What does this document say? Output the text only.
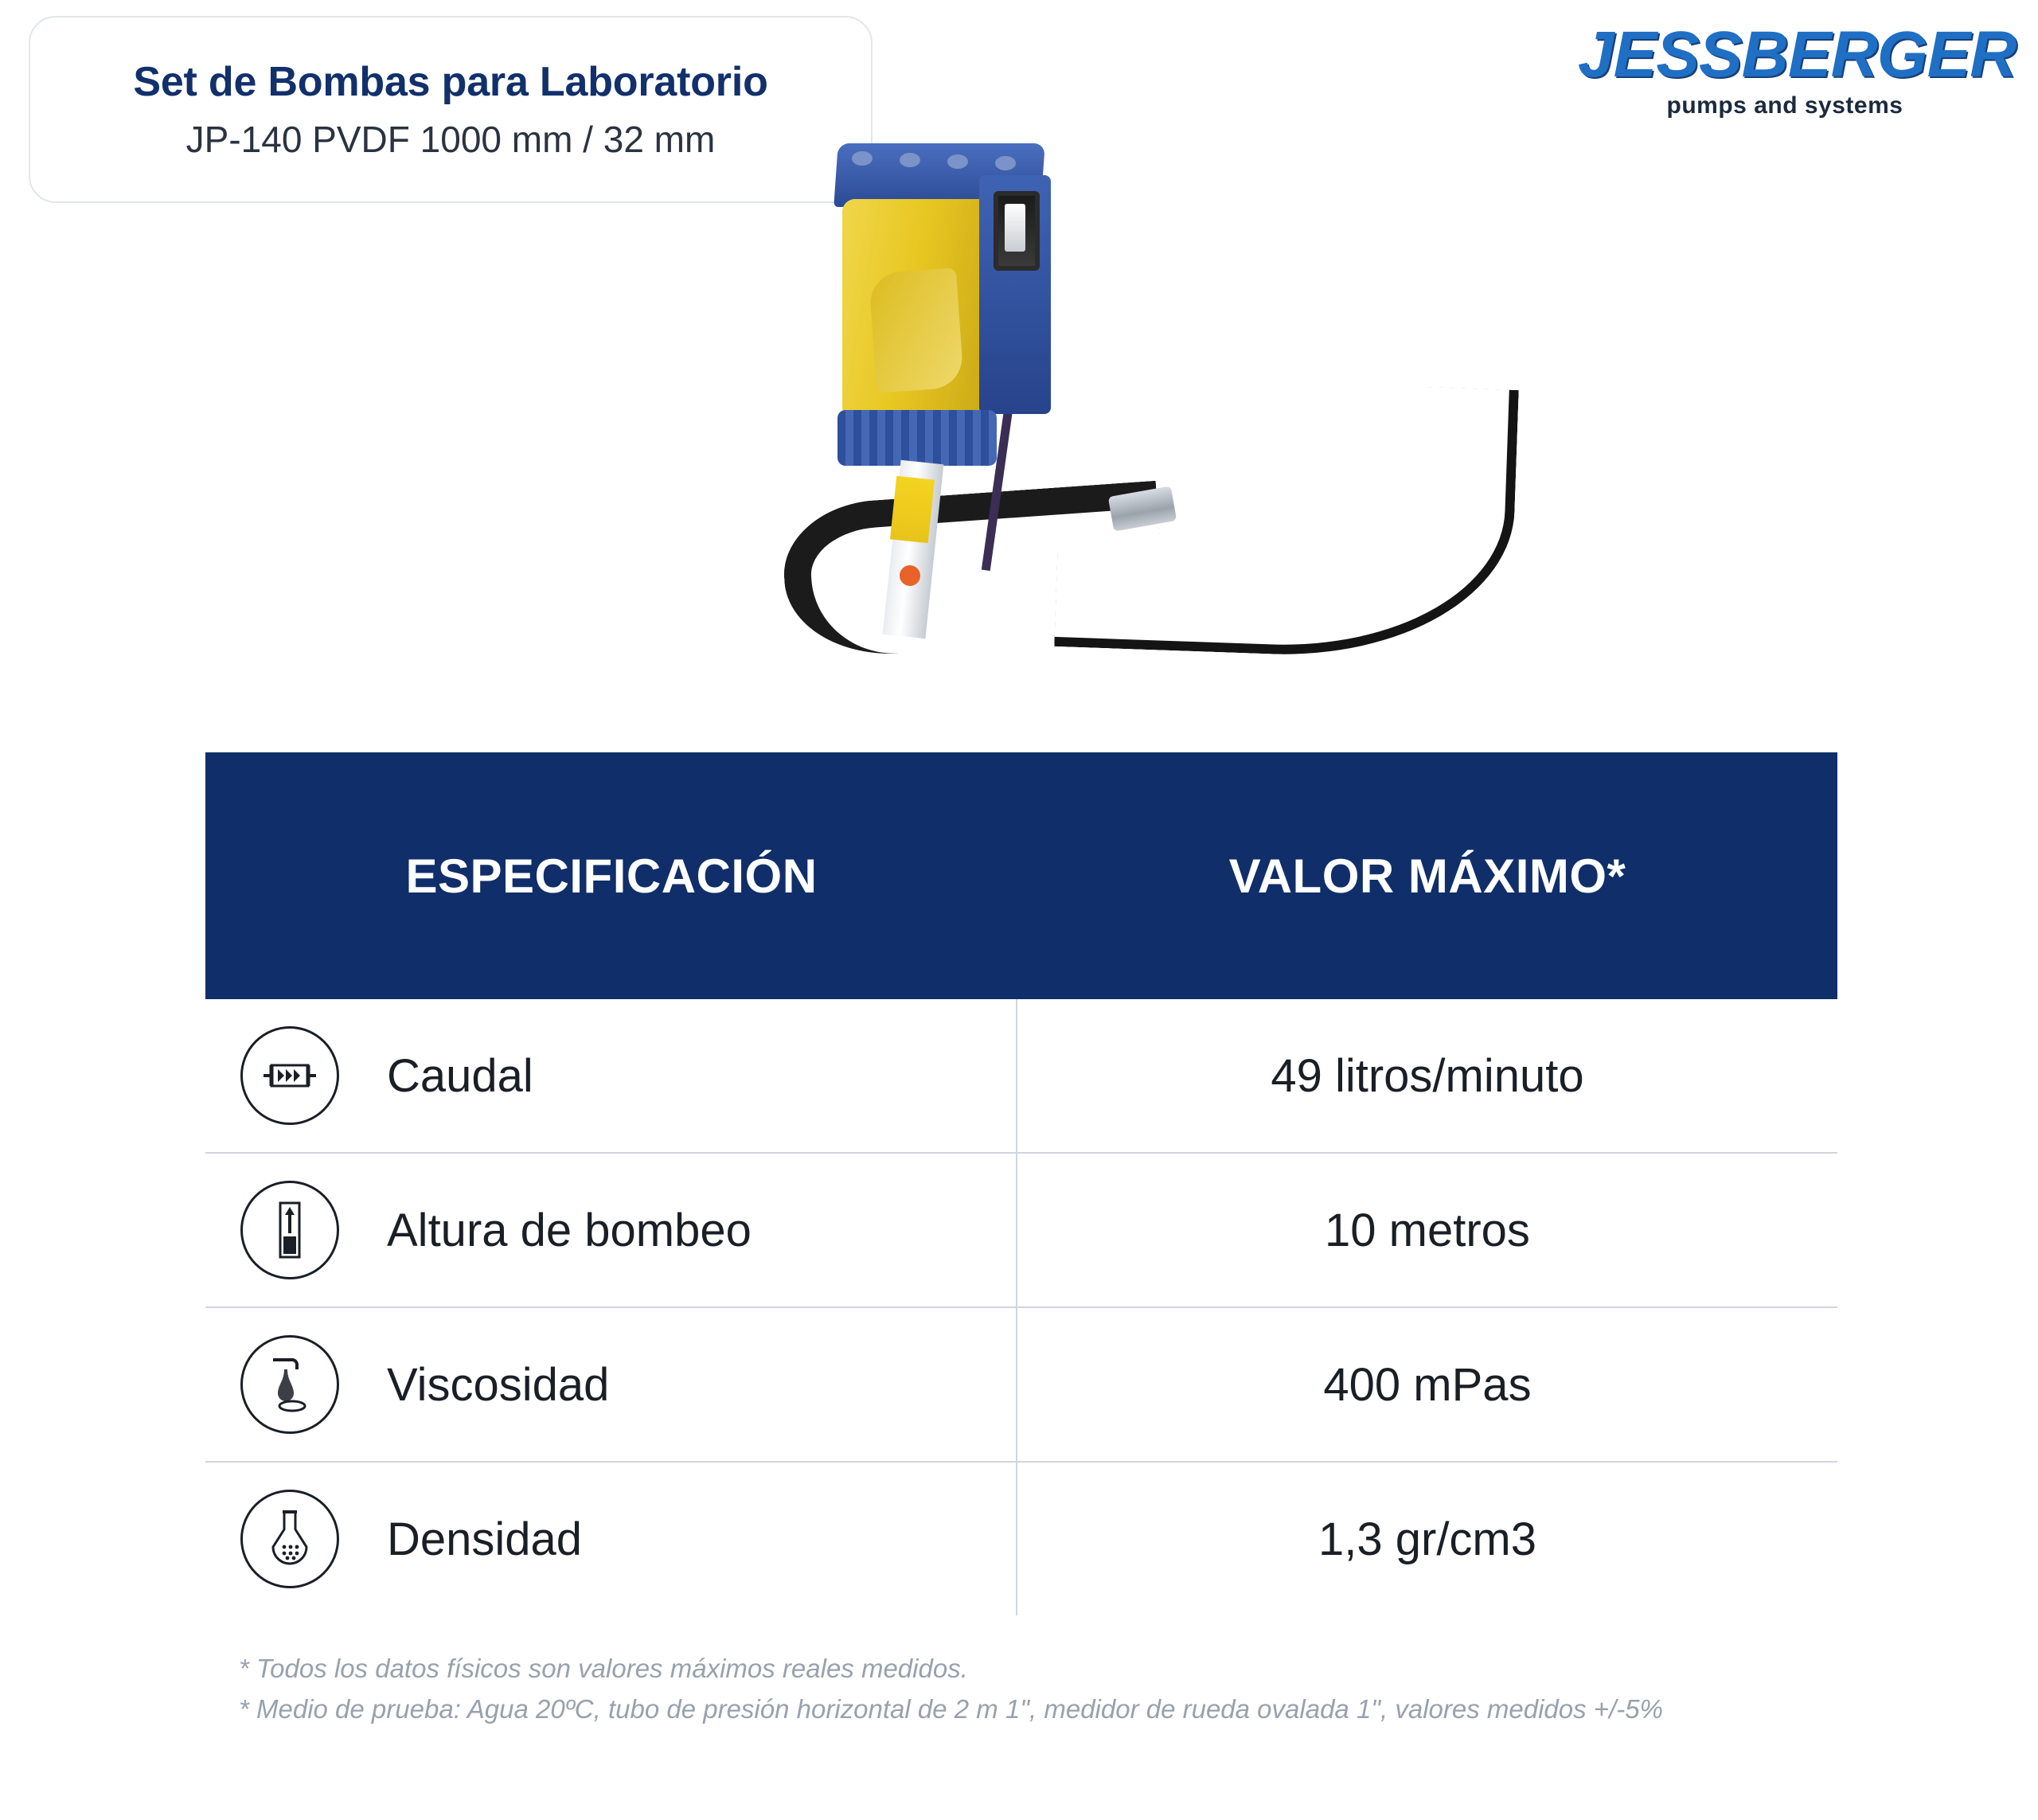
Set de Bombas para Laboratorio
JP-140 PVDF 1000 mm / 32 mm
JESSBERGER
pumps and systems
ESPECIFICACIÓN	VALOR MÁXIMO*
Caudal	49 litros/minuto
Altura de bombeo	10 metros
Viscosidad	400 mPas
Densidad	1,3 gr/cm3
* Todos los datos físicos son valores máximos reales medidos.
* Medio de prueba: Agua 20ºC, tubo de presión horizontal de 2 m 1", medidor de rueda ovalada 1", valores medidos +/-5%
